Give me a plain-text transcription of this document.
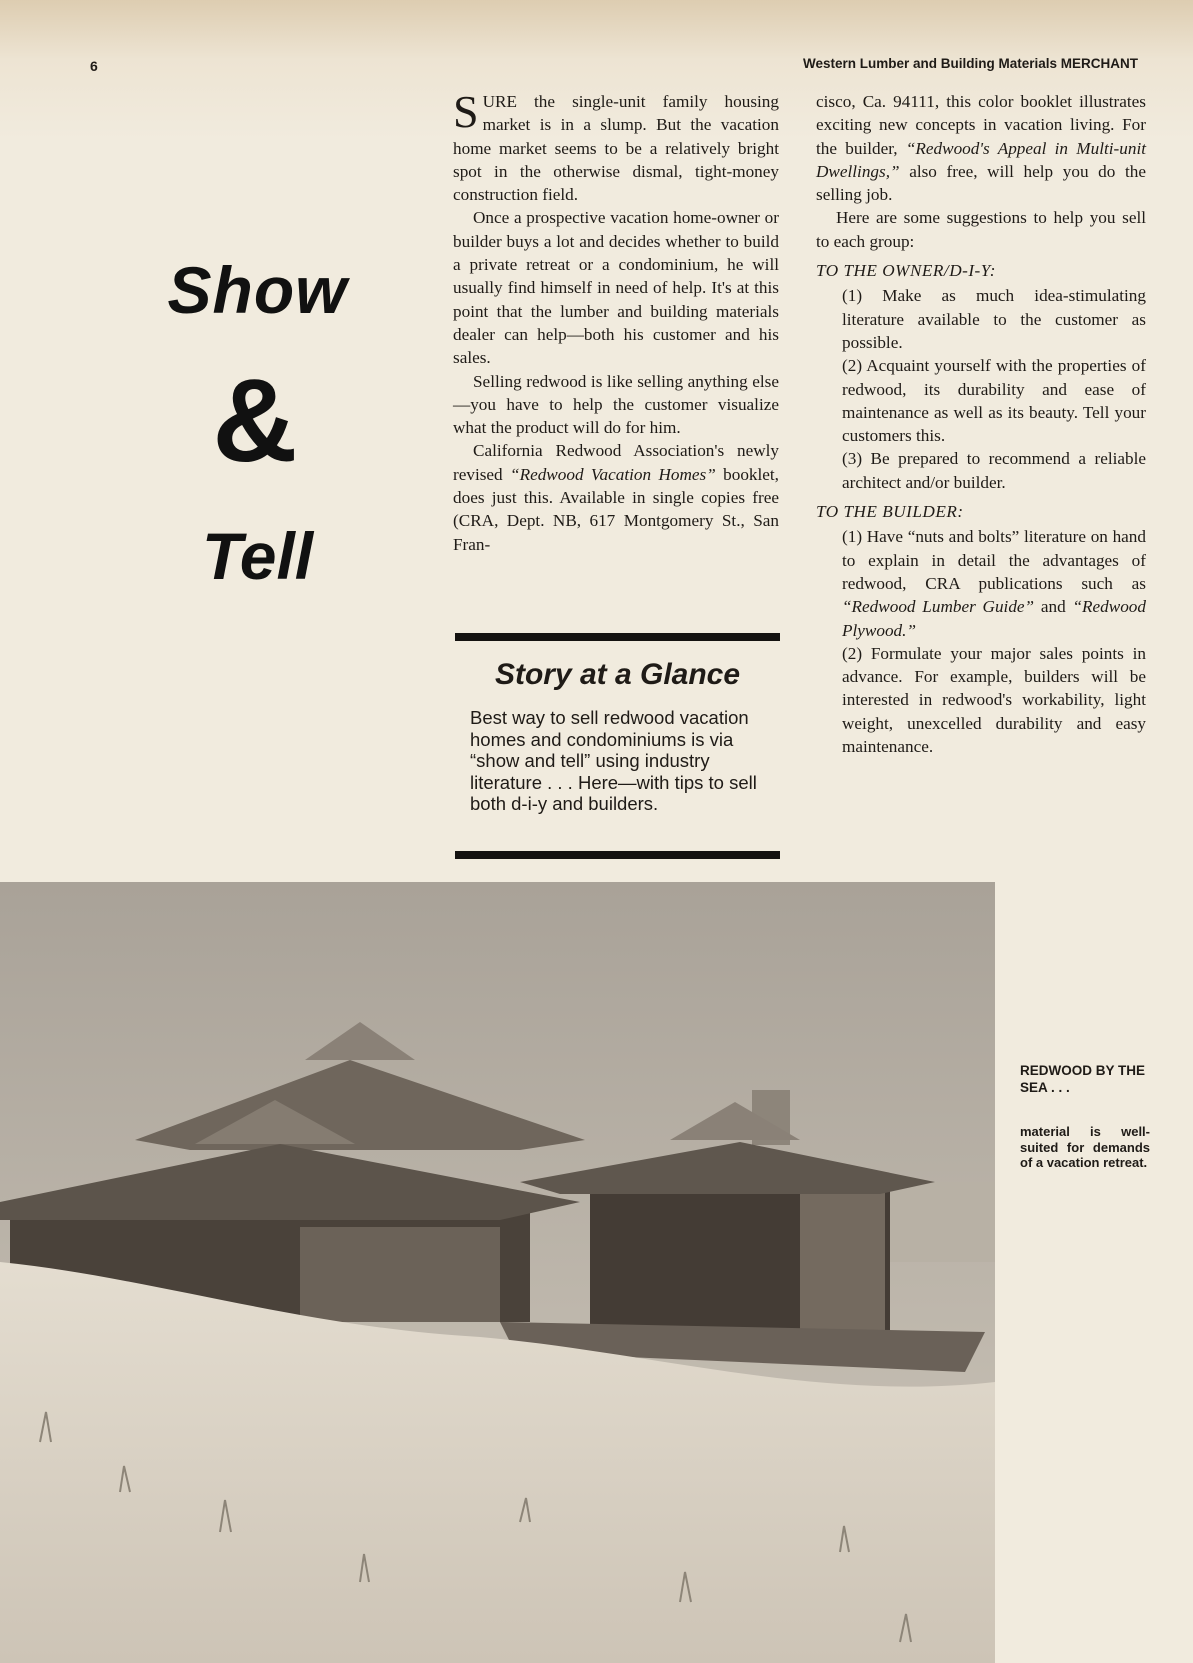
6	Western Lumber and Building Materials MERCHANT
Show
&
Tell

SURE the single-unit family housing market is in a slump. But the vacation home market seems to be a relatively bright spot in the otherwise dismal, tight-money construction field.

Once a prospective vacation home-owner or builder buys a lot and decides whether to build a private retreat or a condominium, he will usually find himself in need of help. It's at this point that the lumber and building materials dealer can help—both his customer and his sales.

Selling redwood is like selling anything else—you have to help the customer visualize what the product will do for him.

California Redwood Association's newly revised “Redwood Vacation Homes” booklet, does just this. Available in single copies free (CRA, Dept. NB, 617 Montgomery St., San Fran-

Story at a Glance
Best way to sell redwood vacation homes and condominiums is via “show and tell” using industry literature . . . Here—with tips to sell both d-i-y and builders.

cisco, Ca. 94111, this color booklet illustrates exciting new concepts in vacation living. For the builder, “Redwood's Appeal in Multi-unit Dwellings,” also free, will help you do the selling job.

Here are some suggestions to help you sell to each group:

TO THE OWNER/D-I-Y:

(1) Make as much idea-stimulating literature available to the customer as possible.

(2) Acquaint yourself with the properties of redwood, its durability and ease of maintenance as well as its beauty. Tell your customers this.

(3) Be prepared to recommend a reliable architect and/or builder.

TO THE BUILDER:

(1) Have “nuts and bolts” literature on hand to explain in detail the advantages of redwood, CRA publications such as “Redwood Lumber Guide” and “Redwood Plywood.”

(2) Formulate your major sales points in advance. For example, builders will be interested in redwood's workability, light weight, unexcelled durability and easy maintenance.

REDWOOD BY THE SEA . . .
material is well-suited for demands of a vacation retreat.
